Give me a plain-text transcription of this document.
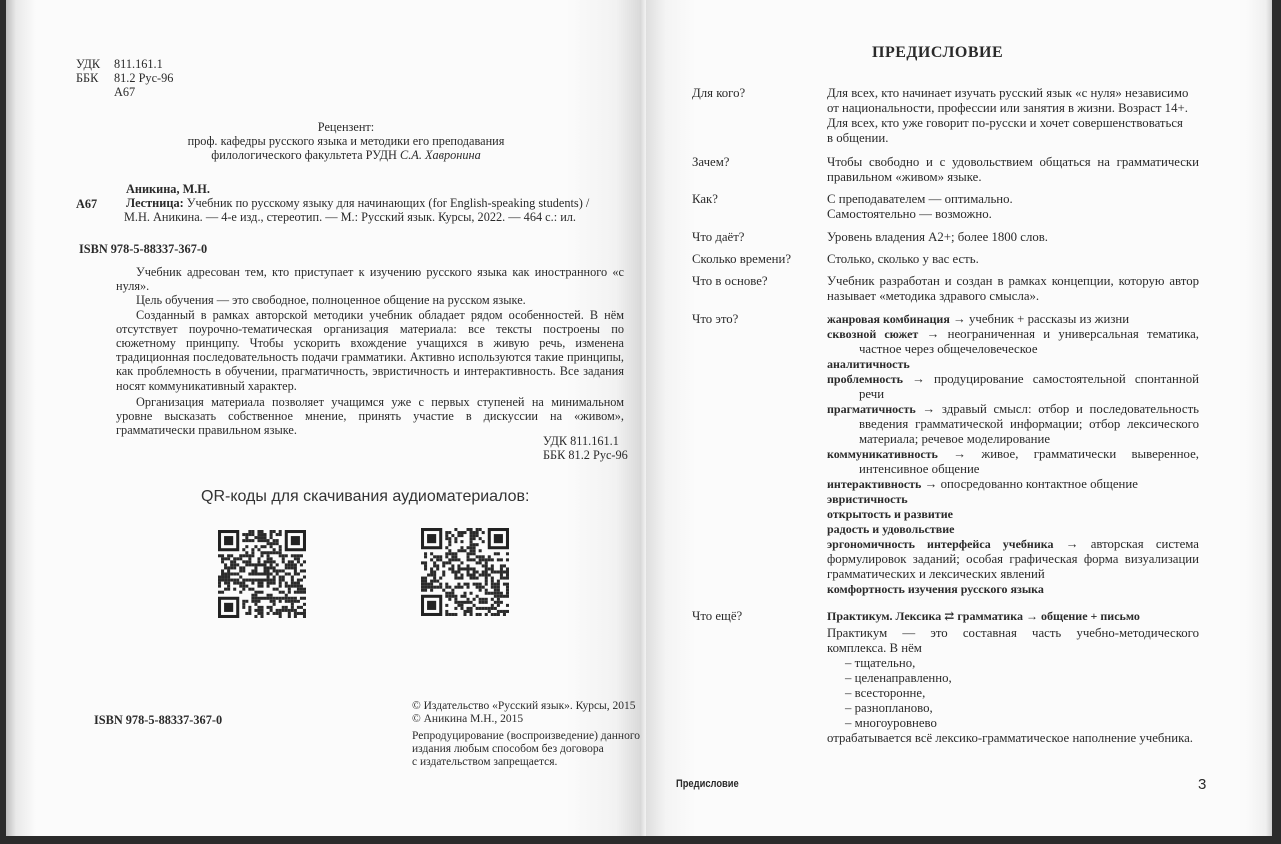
УДК	811.161.1
ББК	81.2 Рус-96
А67
Рецензент:
проф. кафедры русского языка и методики его преподавания
филологического факультета РУДН С.А. Хавронина
А67
Аникина, М.Н.
Лестница: Учебник по русскому языку для начинающих (for English-speaking students) /
М.Н. Аникина. — 4-е изд., стереотип. — М.: Русский язык. Курсы, 2022. — 464 с.: ил.
ISBN 978-5-88337-367-0

Учебник адресован тем, кто приступает к изучению русского языка как иностранного «с нуля».

Цель обучения — это свободное, полноценное общение на русском языке.

Созданный в рамках авторской методики учебник обладает рядом особенностей. В нём отсутствует поурочно-тематическая организация материала: все тексты построены по сюжетному принципу. Чтобы ускорить вхождение учащихся в живую речь, изменена традиционная последовательность подачи грамматики. Активно используются такие принципы, как проблемность в обучении, прагматичность, эвристичность и интерактивность. Все задания носят коммуникативный характер.

Организация материала позволяет учащимся уже с первых ступеней на минимальном уровне высказать собственное мнение, принять участие в дискуссии на «живом», грамматически правильном языке.

УДК 811.161.1
ББК 81.2 Рус-96
QR-коды для скачивания аудиоматериалов:
ISBN 978-5-88337-367-0
© Издательство «Русский язык». Курсы, 2015
© Аникина М.Н., 2015
Репродуцирование (воспроизведение) данного
издания любым способом без договора
с издательством запрещается.
ПРЕДИСЛОВИЕ
Для кого?	Для всех, кто начинает изучать русский язык «с нуля» независимо
от национальности, профессии или занятия в жизни. Возраст 14+.
Для всех, кто уже говорит по-русски и хочет совершенствоваться
в общении.
Зачем?	Чтобы свободно и с удовольствием общаться на грамматически правильном «живом» языке.
Как?	С преподавателем — оптимально.
Самостоятельно — возможно.
Что даёт?	Уровень владения А2+; более 1800 слов.
Сколько времени?	Столько, сколько у вас есть.
Что в основе?	Учебник разработан и создан в рамках концепции, которую автор называет «методика здравого смысла».
Что это?	жанровая комбинация → учебник + рассказы из жизни
сквозной сюжет → неограниченная и универсальная тематика, частное через общечеловеческое
аналитичность
проблемность → продуцирование самостоятельной спонтанной речи
прагматичность → здравый смысл: отбор и последовательность введения грамматической информации; отбор лексического материала; речевое моделирование
коммуникативность → живое, грамматически выверенное, интенсивное общение
интерактивность → опосредованно контактное общение
эвристичность
открытость и развитие
радость и удовольствие
эргономичность интерфейса учебника → авторская система формулировок заданий; особая графическая форма визуализации грамматических и лексических явлений
комфортность изучения русского языка
Что ещё?	Практикум. Лексика ⇄ грамматика → общение + письмо
Практикум — это составная часть учебно-методического комплекса. В нём
– тщательно,
– целенаправленно,
– всесторонне,
– разнопланово,
– многоуровнево
отрабатывается всё лексико-грамматическое наполнение учебника.
Предисловие	3
